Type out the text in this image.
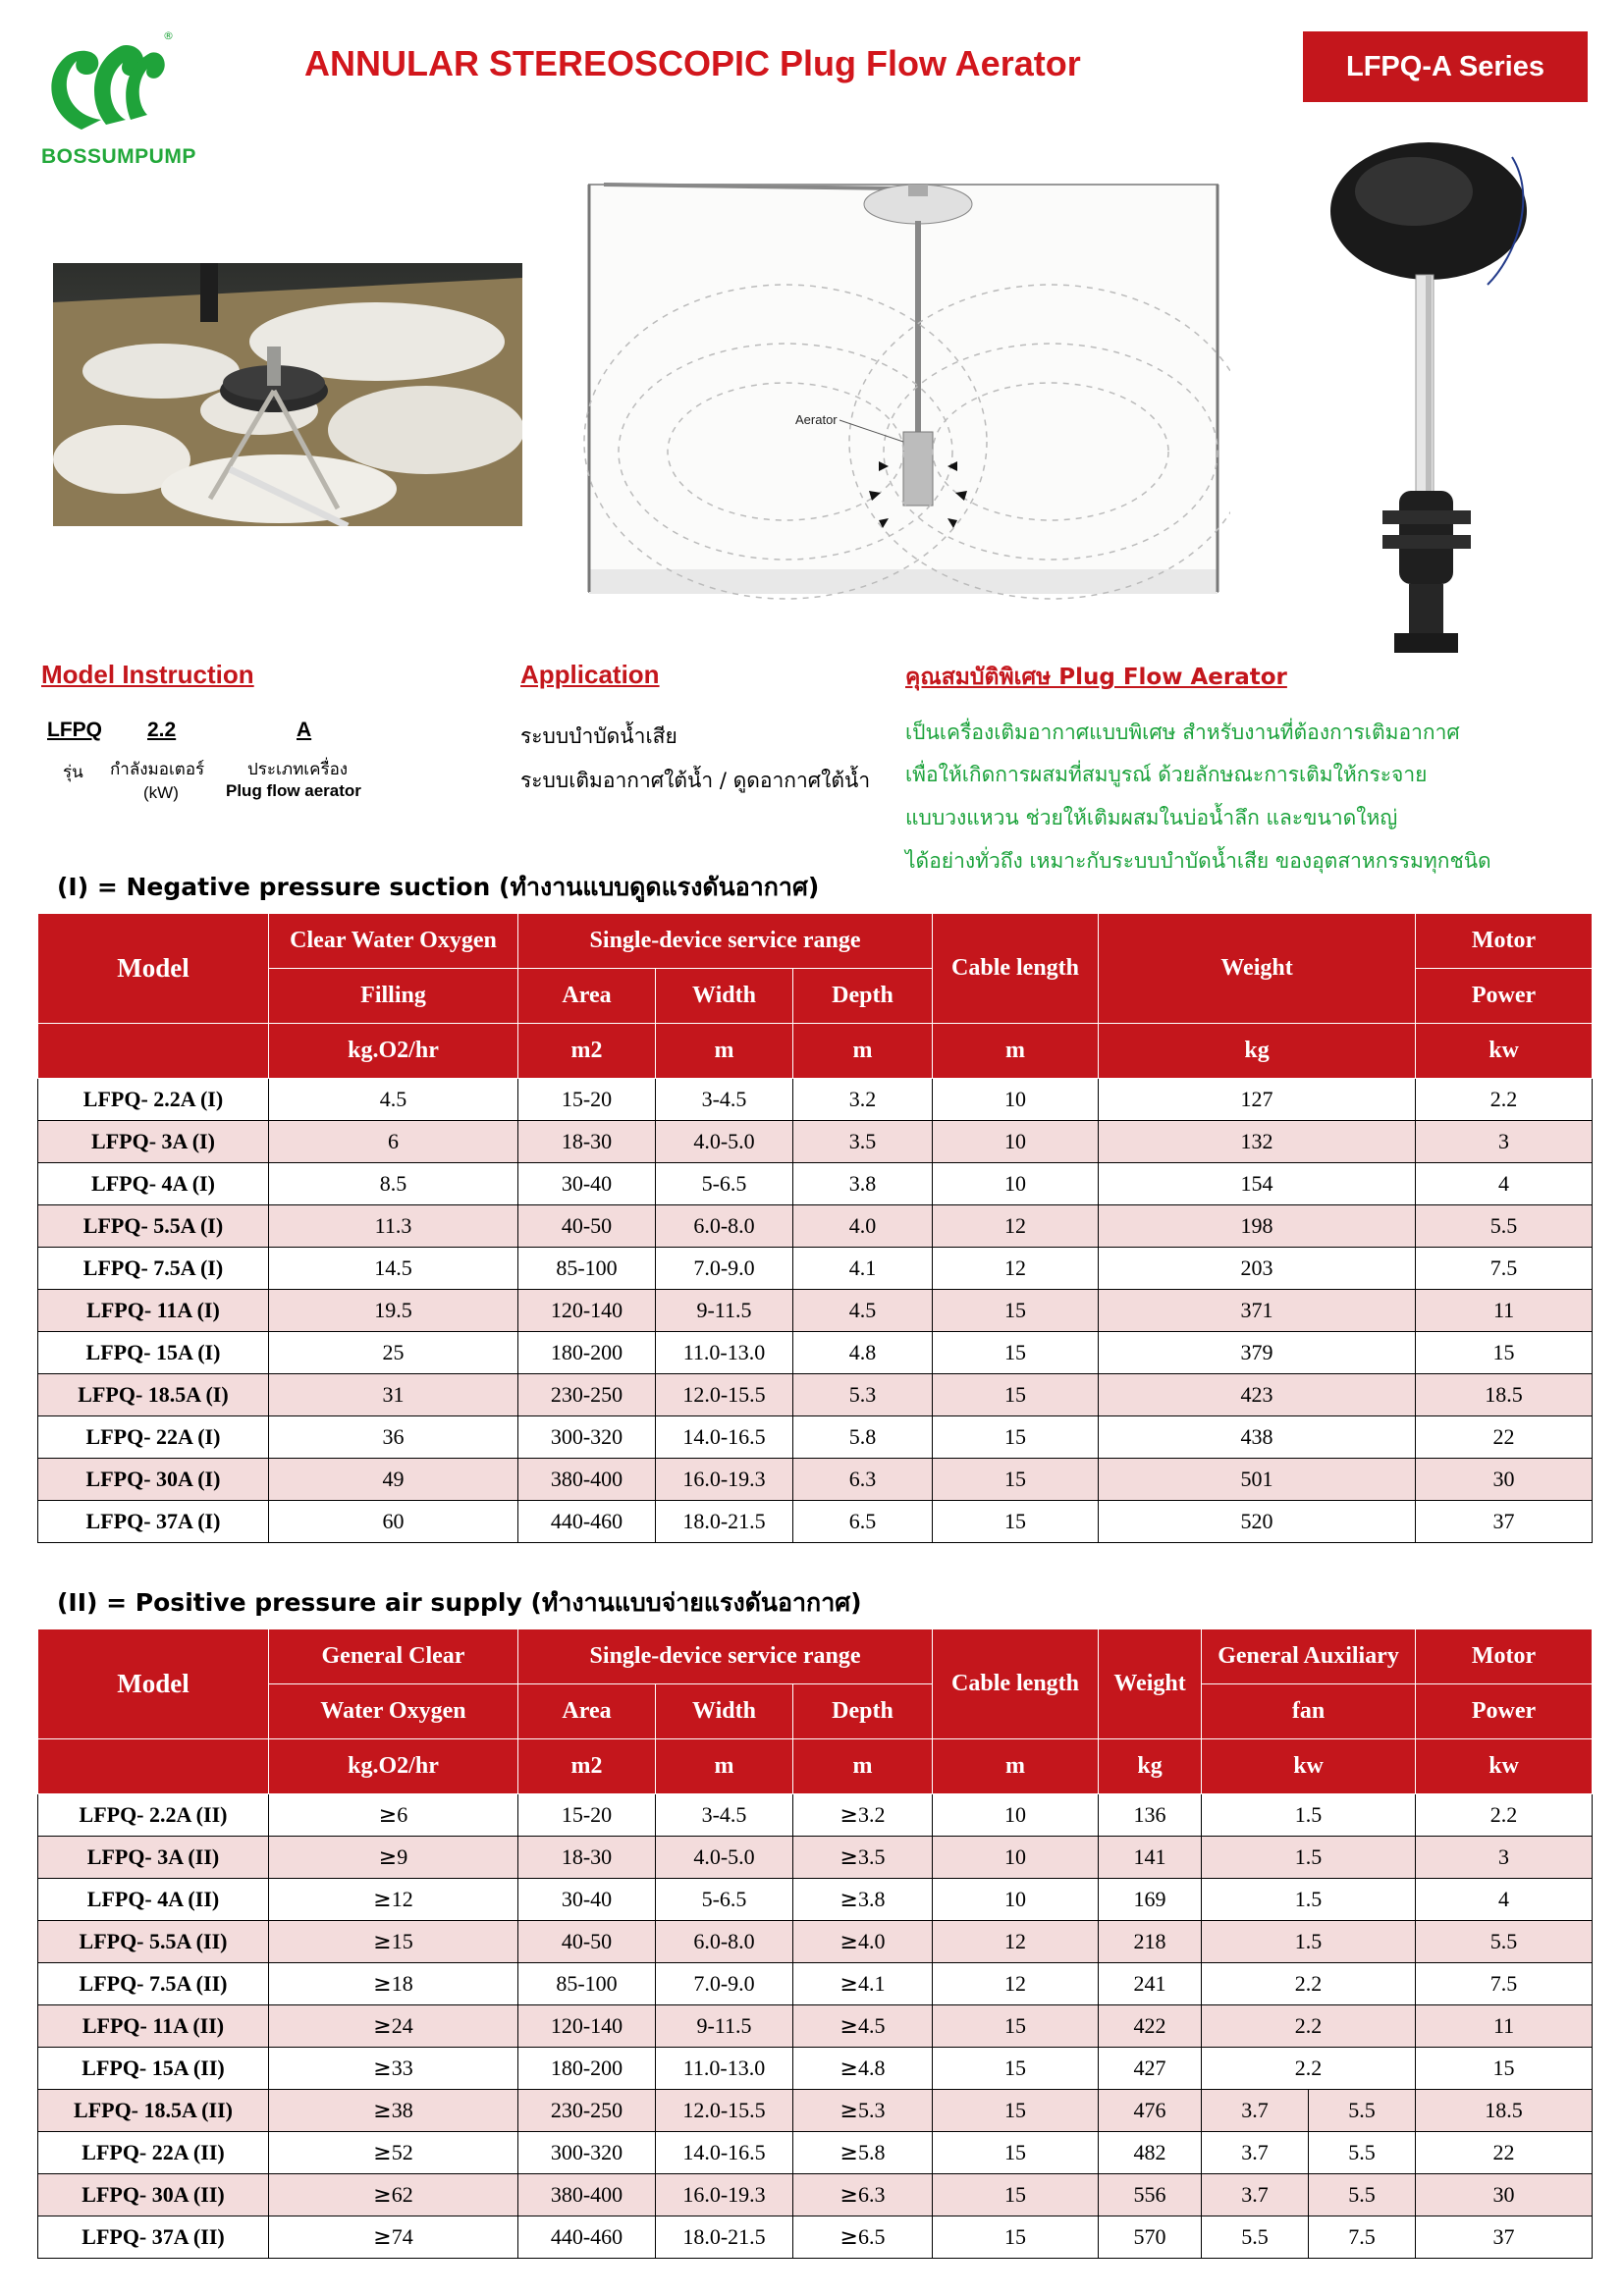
®
BOSSUMPUMP
ANNULAR STEREOSCOPIC Plug Flow Aerator	LFPQ-A Series
Aerator
Model Instruction
LFPQ 2.2	A
รุ่น กำลังมอเตอร์
(kW)
ประเภทเครื่อง
Plug flow aerator
Application
ระบบบำบัดน้ำเสีย
ระบบเติมอากาศใต้น้ำ / ดูดอากาศใต้น้ำ
คุณสมบัติพิเศษ Plug Flow Aerator
เป็นเครื่องเติมอากาศแบบพิเศษ สำหรับงานที่ต้องการเติมอากาศ
เพื่อให้เกิดการผสมที่สมบูรณ์ ด้วยลักษณะการเติมให้กระจาย
แบบวงแหวน ช่วยให้เติมผสมในบ่อน้ำลึก และขนาดใหญ่
ได้อย่างทั่วถึง เหมาะกับระบบบำบัดน้ำเสีย ของอุตสาหกรรมทุกชนิด
(I) = Negative pressure suction (ทำงานแบบดูดแรงดันอากาศ)
Model	Clear Water Oxygen	Single-device service range			Cable length	Weight	Motor
	Filling	Area	Width	Depth			Power
	kg.O2/hr	m2	m	m	m	kg	kw
LFPQ- 2.2A (I)	4.5	15-20	3-4.5	3.2	10	127	2.2
LFPQ- 3A (I)	6	18-30	4.0-5.0	3.5	10	132	3
LFPQ- 4A (I)	8.5	30-40	5-6.5	3.8	10	154	4
LFPQ- 5.5A (I)	11.3	40-50	6.0-8.0	4.0	12	198	5.5
LFPQ- 7.5A (I)	14.5	85-100	7.0-9.0	4.1	12	203	7.5
LFPQ- 11A (I)	19.5	120-140	9-11.5	4.5	15	371	11
LFPQ- 15A (I)	25	180-200	11.0-13.0	4.8	15	379	15
LFPQ- 18.5A (I)	31	230-250	12.0-15.5	5.3	15	423	18.5
LFPQ- 22A (I)	36	300-320	14.0-16.5	5.8	15	438	22
LFPQ- 30A (I)	49	380-400	16.0-19.3	6.3	15	501	30
LFPQ- 37A (I)	60	440-460	18.0-21.5	6.5	15	520	37
(II) = Positive pressure air supply (ทำงานแบบจ่ายแรงดันอากาศ)
Model	General Clear	Single-device service range			Cable length	Weight	General Auxiliary		Motor
	Water Oxygen	Area	Width	Depth			fan		Power
	kg.O2/hr	m2	m	m	m	kg	kw		kw
LFPQ- 2.2A (II)	≥6	15-20	3-4.5	≥3.2	10	136	1.5		2.2
LFPQ- 3A (II)	≥9	18-30	4.0-5.0	≥3.5	10	141	1.5		3
LFPQ- 4A (II)	≥12	30-40	5-6.5	≥3.8	10	169	1.5		4
LFPQ- 5.5A (II)	≥15	40-50	6.0-8.0	≥4.0	12	218	1.5		5.5
LFPQ- 7.5A (II)	≥18	85-100	7.0-9.0	≥4.1	12	241	2.2		7.5
LFPQ- 11A (II)	≥24	120-140	9-11.5	≥4.5	15	422	2.2		11
LFPQ- 15A (II)	≥33	180-200	11.0-13.0	≥4.8	15	427	2.2		15
LFPQ- 18.5A (II)	≥38	230-250	12.0-15.5	≥5.3	15	476	3.7	5.5	18.5
LFPQ- 22A (II)	≥52	300-320	14.0-16.5	≥5.8	15	482	3.7	5.5	22
LFPQ- 30A (II)	≥62	380-400	16.0-19.3	≥6.3	15	556	3.7	5.5	30
LFPQ- 37A (II)	≥74	440-460	18.0-21.5	≥6.5	15	570	5.5	7.5	37
